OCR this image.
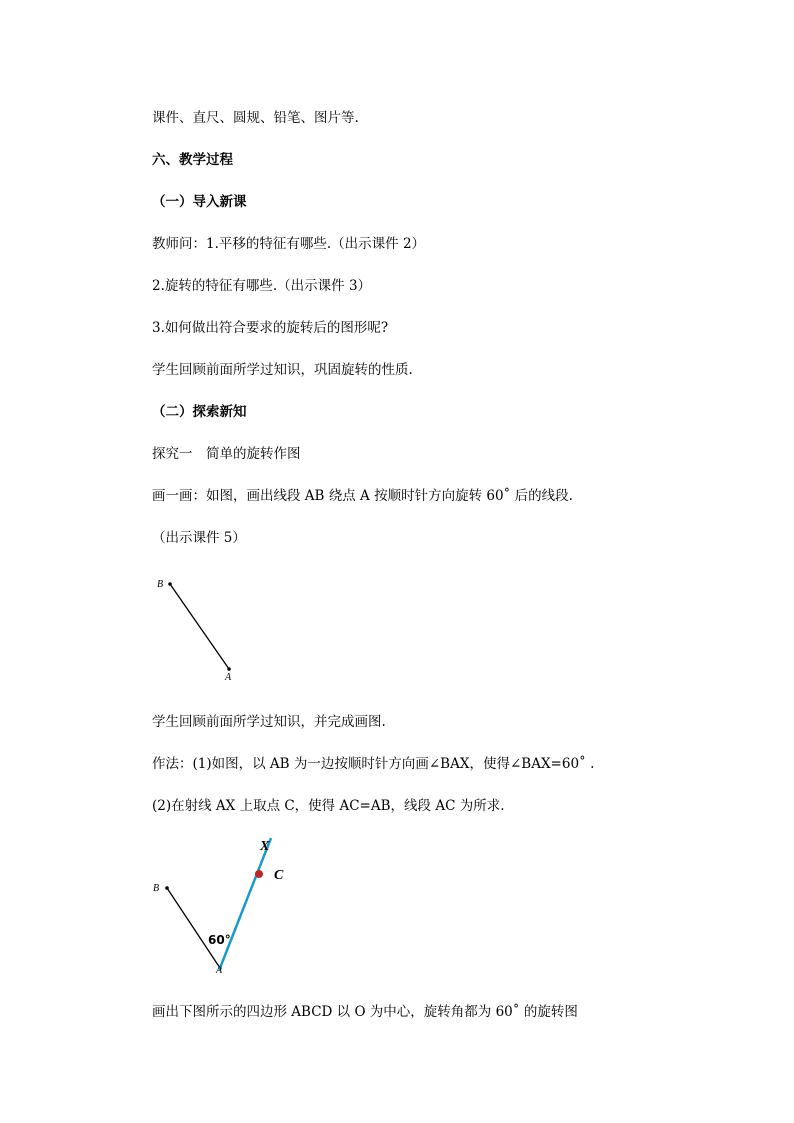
课件、直尺、圆规、铅笔、图片等.
六、教学过程
（一）导入新课
教师问：1.平移的特征有哪些.（出示课件 2）
2.旋转的特征有哪些.（出示课件 3）
3.如何做出符合要求的旋转后的图形呢?
学生回顾前面所学过知识，巩固旋转的性质.
（二）探索新知
探究一　简单的旋转作图
画一画：如图，画出线段 AB 绕点 A 按顺时针方向旋转 60˚ 后的线段.
（出示课件 5）
B
A
学生回顾前面所学过知识，并完成画图.
作法：(1)如图，以 AB 为一边按顺时针方向画∠BAX，使得∠BAX=60˚ .
(2)在射线 AX 上取点 C，使得 AC=AB，线段 AC 为所求.
B
A
X
C
60°
画出下图所示的四边形 ABCD 以 O 为中心，旋转角都为 60˚ 的旋转图
